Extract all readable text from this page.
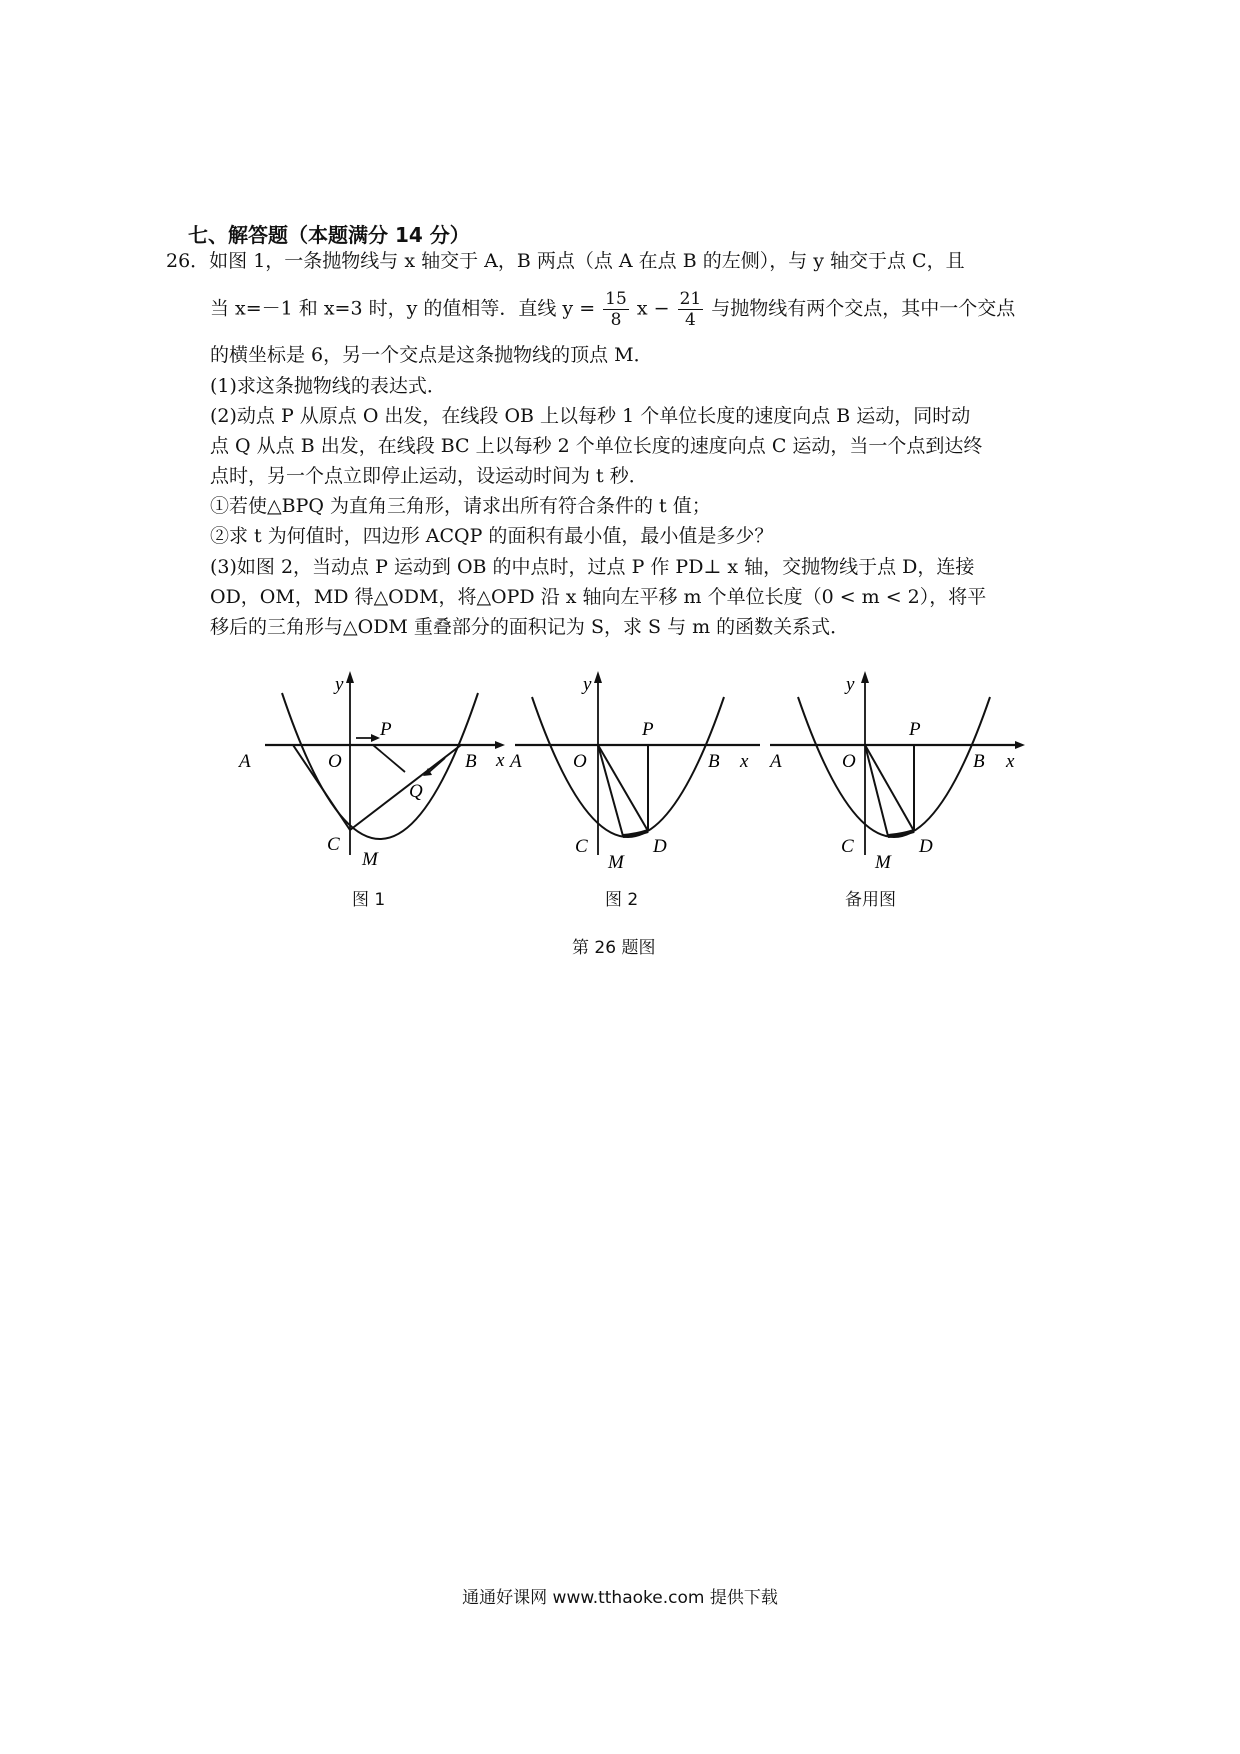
七、解答题（本题满分 14 分）
26．如图 1，一条抛物线与 x 轴交于 A，B 两点（点 A 在点 B 的左侧），与 y 轴交于点 C，且
当 x=－1 和 x=3 时，y 的值相等．直线 $y = \frac{15}{8}$ $x - \frac{21}{4}$ 与抛物线有两个交点，其中一个交点
的横坐标是 6，另一个交点是这条抛物线的顶点 M．
(1)求这条抛物线的表达式．
(2)动点 P 从原点 O 出发，在线段 OB 上以每秒 1 个单位长度的速度向点 B 运动，同时动
点 Q 从点 B 出发，在线段 BC 上以每秒 2 个单位长度的速度向点 C 运动，当一个点到达终
点时，另一个点立即停止运动，设运动时间为 t 秒．
①若使△BPQ 为直角三角形，请求出所有符合条件的 t 值；
②求 t 为何值时，四边形 ACQP 的面积有最小值，最小值是多少？
(3)如图 2，当动点 P 运动到 OB 的中点时，过点 P 作 PD⊥ x 轴，交抛物线于点 D，连接
OD，OM，MD 得△ODM，将△OPD 沿 x 轴向左平移 m 个单位长度（0 < m < 2），将平
移后的三角形与△ODM 重叠部分的面积记为 S，求 S 与 m 的函数关系式．
y
x
A	O	B
P
Q
C
M
y
x
A	O	B
P
C	D
M
y
x
A	O	B
P
C	D
M
图 1	图 2	备用图
第 26 题图
通通好课网 www.tthaoke.com 提供下载
